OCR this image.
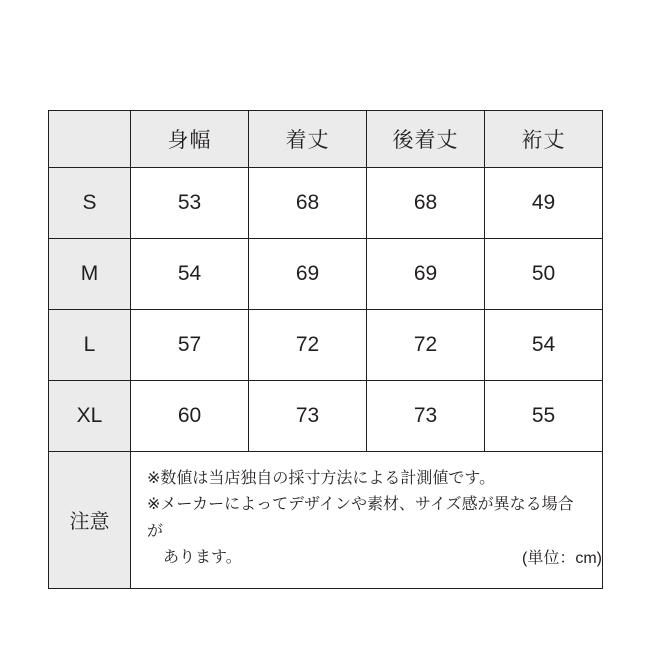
	身幅	着丈	後着丈	裄丈
S	53	68	68	49
M	54	69	69	50
L	57	72	72	54
XL	60	73	73	55
注意	※数値は当店独自の採寸方法による計測値です。
※メーカーによってデザインや素材、サイズ感が異なる場合が
　あります。				(単位：cm)
